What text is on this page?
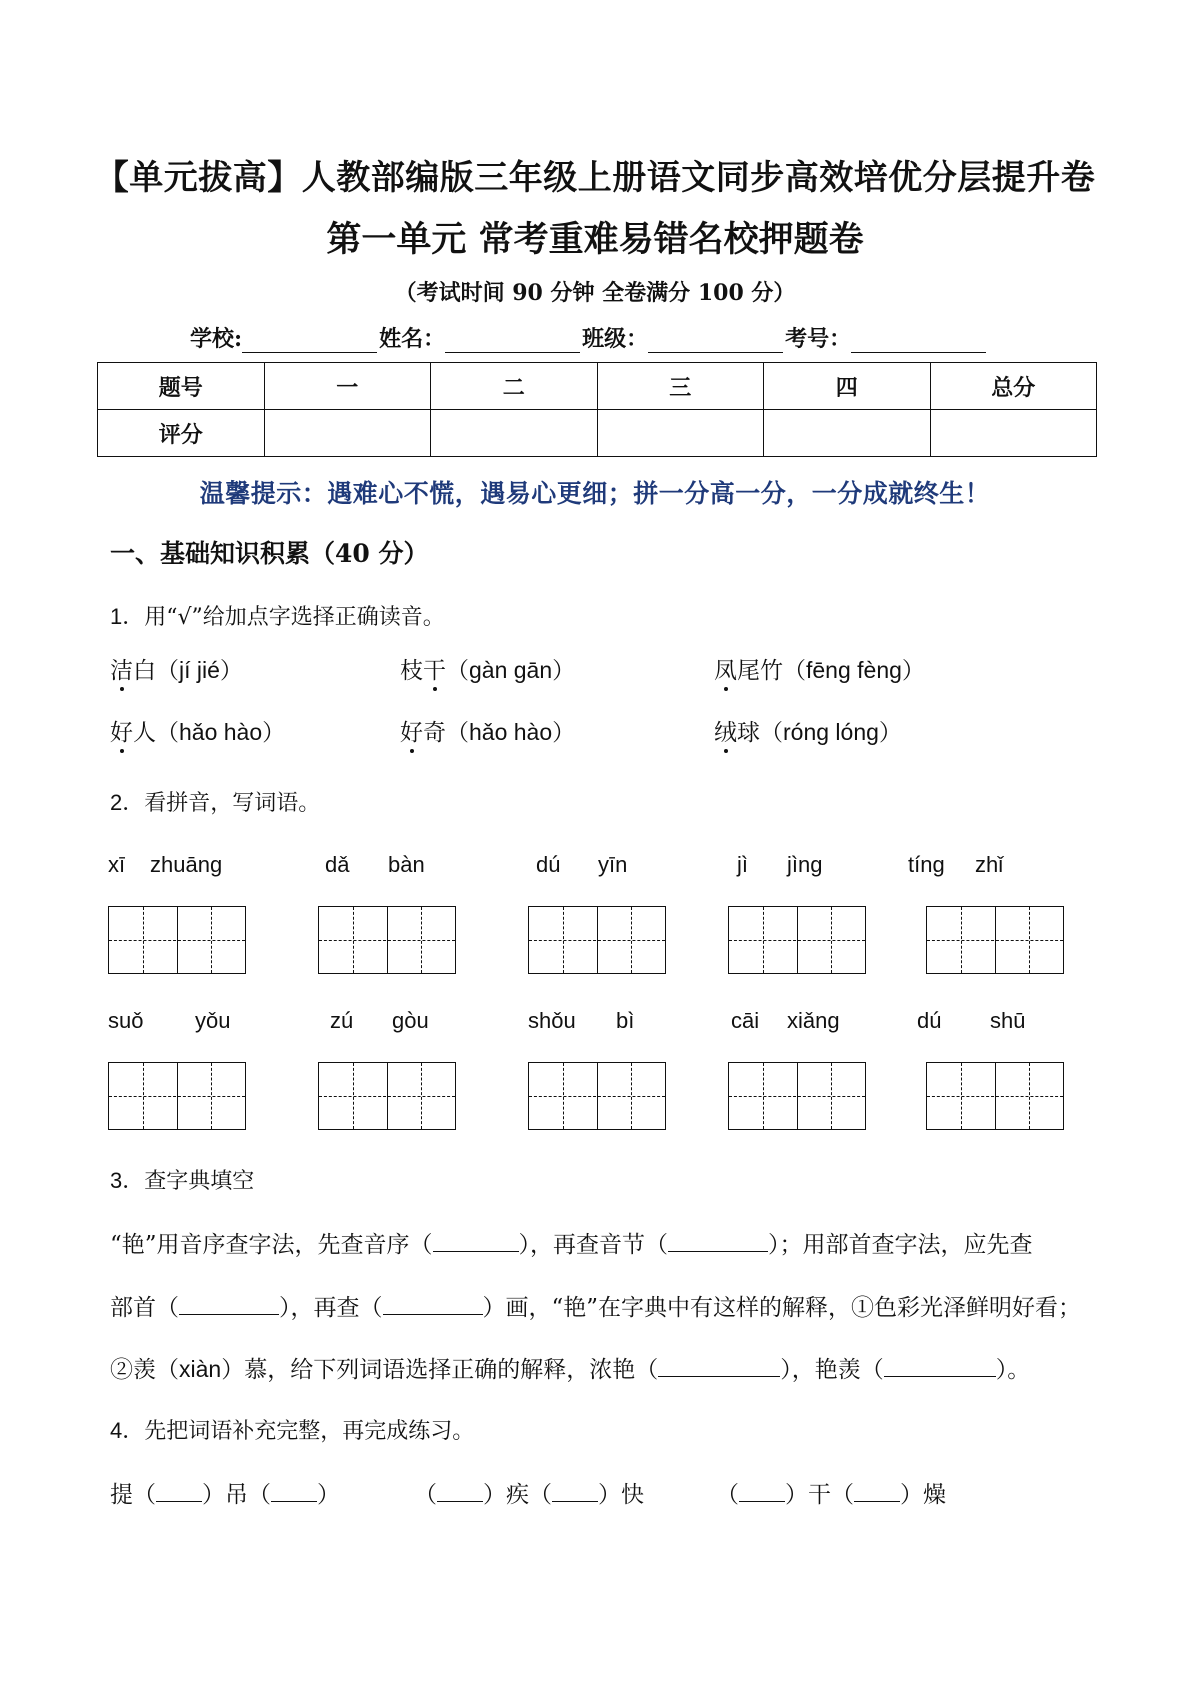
【单元拔高】人教部编版三年级上册语文同步高效培优分层提升卷
第一单元 常考重难易错名校押题卷
（考试时间 90 分钟 全卷满分 100 分）
学校:	姓名：	班级：	考号：
题号	一	二	三	四	总分
评分					
温馨提示：遇难心不慌，遇易心更细；拼一分高一分，一分成就终生！
一、基础知识积累（40 分）
1．用“√”给加点字选择正确读音。
洁白（jí jié）	枝干（gàn gān）	凤尾竹（fēng fèng）
好人（hǎo hào）	好奇（hǎo hào）	绒球（róng lóng）
2．看拼音，写词语。
xī zhuāng	dǎ bàn	dú yīn	jì jìng	tíng zhǐ
suǒ yǒu	zú gòu	shǒu bì	cāi xiǎng	dú shū
3．查字典填空
“艳”用音序查字法，先查音序（	），再查音节（	）；用部首查字法，应先查
部首（	），再查（	）画，“艳”在字典中有这样的解释，①色彩光泽鲜明好看；
②羡（xiàn）慕，给下列词语选择正确的解释，浓艳（	），艳羡（	）。
4．先把词语补充完整，再完成练习。
提（ ）吊（ ）	（ ）疾（ ）快	（ ）干（ ）燥
